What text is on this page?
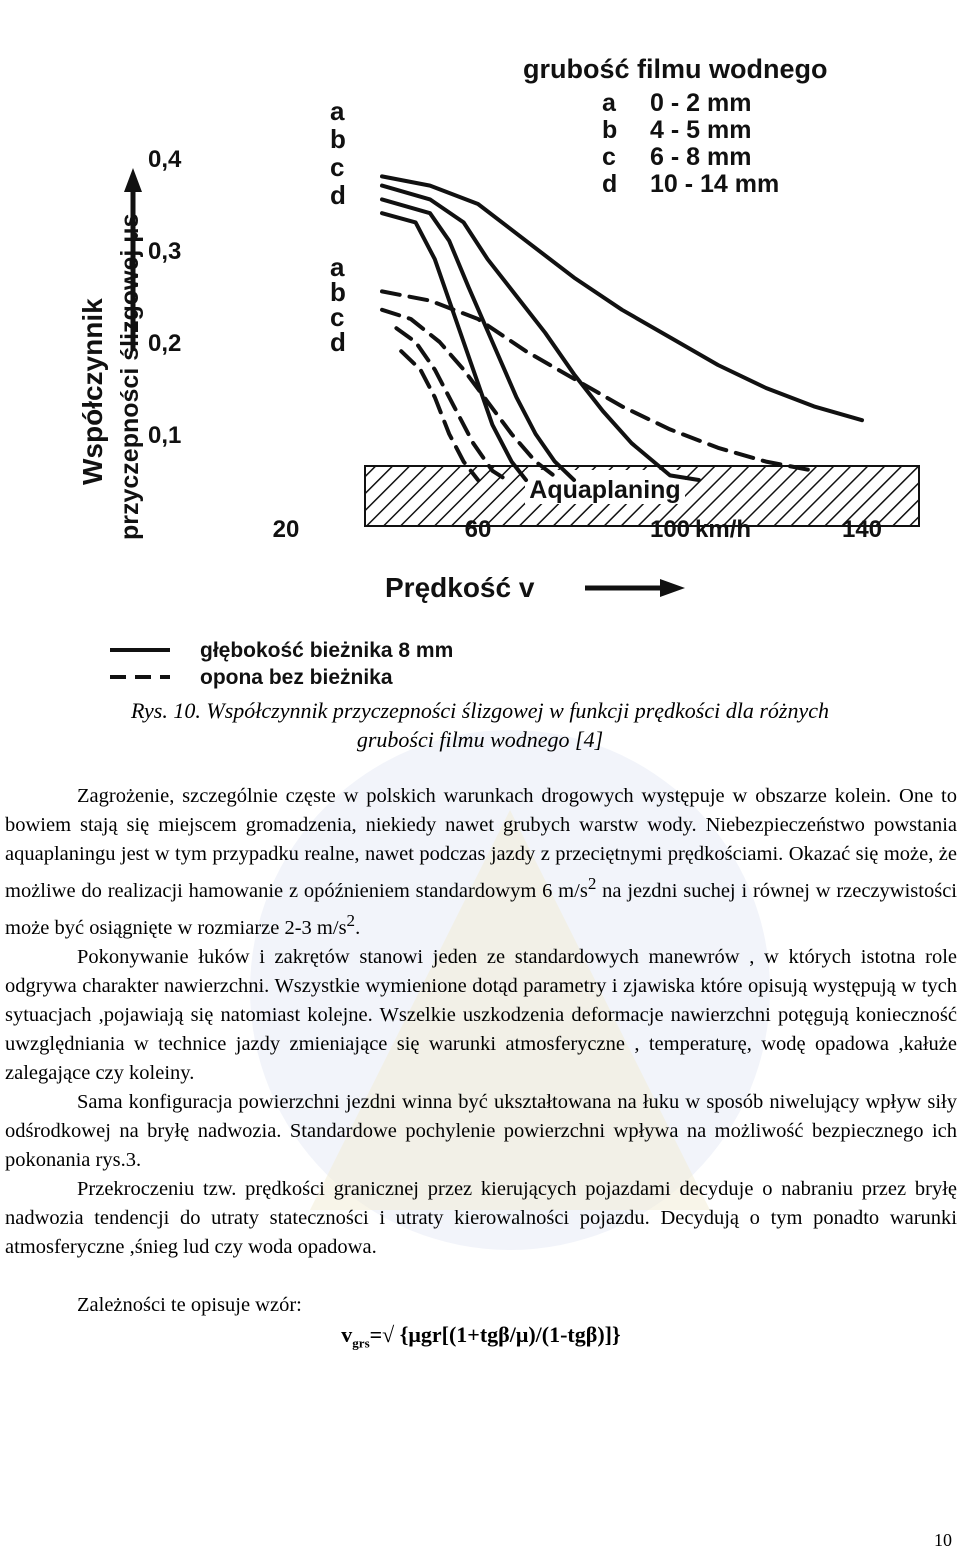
Współczynnik przyczepności ślizgowej μs	Aquaplaning
0,1
0,2
0,3
0,4
20	60	100	140
km/h
a
b
c
d
a
b
c
d
grubość filmu wodnego
a 0 - 2 mm
b 4 - 5 mm
c 6 - 8 mm
d 10 - 14 mm
Prędkość v
głębokość bieżnika 8 mm
opona bez bieżnika
Rys. 10. Współczynnik przyczepności ślizgowej w funkcji prędkości dla różnych
grubości filmu wodnego [4]

Zagrożenie, szczególnie częste w polskich warunkach drogowych występuje w obszarze kolein. One to bowiem stają się miejscem gromadzenia, niekiedy nawet grubych warstw wody. Niebezpieczeństwo powstania aquaplaningu jest w tym przypadku realne, nawet podczas jazdy z przeciętnymi prędkościami. Okazać się może, że możliwe do realizacji hamowanie z opóźnieniem standardowym 6 $m/s^2$ na jezdni suchej i równej w rzeczywistości może być osiągnięte w rozmiarze 2-3 $m/s^2$.

Pokonywanie łuków i zakrętów stanowi jeden ze standardowych manewrów , w których istotna role odgrywa charakter nawierzchni. Wszystkie wymienione dotąd parametry i zjawiska które opisują występują w tych sytuacjach ,pojawiają się natomiast kolejne. Wszelkie uszkodzenia deformacje nawierzchni potęgują konieczność uwzględniania w technice jazdy zmieniające się warunki atmosferyczne , temperaturę, wodę opadowa ,kałuże zalegające czy koleiny.

Sama konfiguracja powierzchni jezdni winna być ukształtowana na łuku w sposób niwelujący wpływ siły odśrodkowej na bryłę nadwozia. Standardowe pochylenie powierzchni wpływa na możliwość bezpiecznego ich pokonania rys.3.

Przekroczeniu tzw. prędkości granicznej przez kierujących pojazdami decyduje o nabraniu przez bryłę nadwozia tendencji do utraty stateczności i utraty kierowalności pojazdu. Decydują o tym ponadto warunki atmosferyczne ,śnieg lud czy woda opadowa.

Zależności te opisuje wzór:

$v_{grs}=√$ {μgr[(1+tgβ/μ)/(1-tgβ)]}

10
